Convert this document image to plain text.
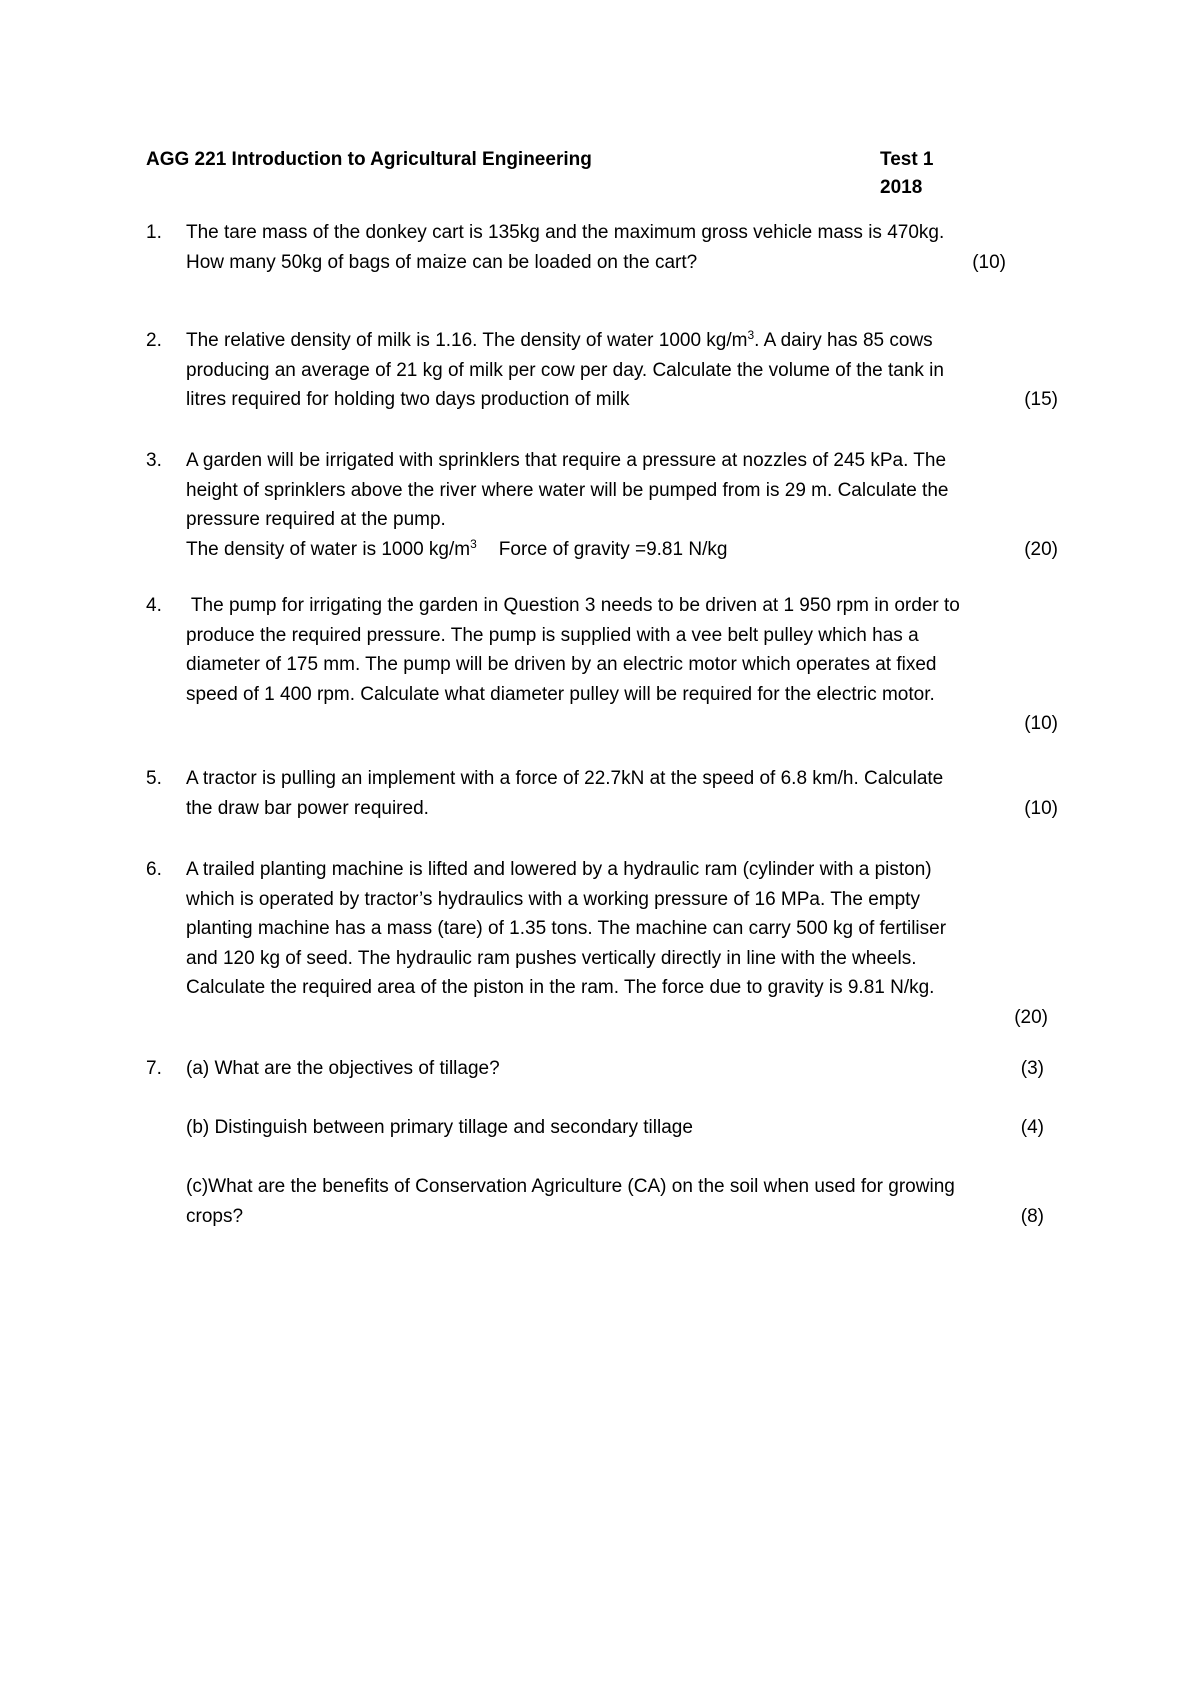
AGG 221 Introduction to Agricultural Engineering	Test 1 2018
1. The tare mass of the donkey cart is 135kg and the maximum gross vehicle mass is 470kg.
How many 50kg of bags of maize can be loaded on the cart?	(10)
2. The relative density of milk is 1.16. The density of water 1000 $kg/m^3$. A dairy has 85 cows
producing an average of 21 kg of milk per cow per day. Calculate the volume of the tank in
litres required for holding two days production of milk	(15)
3. A garden will be irrigated with sprinklers that require a pressure at nozzles of 245 kPa. The
height of sprinklers above the river where water will be pumped from is 29 m. Calculate the
pressure required at the pump.
The density of water is 1000 $kg/m^3$ Force of gravity =9.81 N/kg	(20)
4. The pump for irrigating the garden in Question 3 needs to be driven at 1 950 rpm in order to
produce the required pressure. The pump is supplied with a vee belt pulley which has a
diameter of 175 mm. The pump will be driven by an electric motor which operates at fixed
speed of 1 400 rpm. Calculate what diameter pulley will be required for the electric motor.
(10)
5. A tractor is pulling an implement with a force of 22.7kN at the speed of 6.8 km/h. Calculate
the draw bar power required.	(10)
6. A trailed planting machine is lifted and lowered by a hydraulic ram (cylinder with a piston)
which is operated by tractor’s hydraulics with a working pressure of 16 MPa. The empty
planting machine has a mass (tare) of 1.35 tons. The machine can carry 500 kg of fertiliser
and 120 kg of seed. The hydraulic ram pushes vertically directly in line with the wheels.
Calculate the required area of the piston in the ram. The force due to gravity is 9.81 N/kg.
(20)
7. (a) What are the objectives of tillage?	(3)
(b) Distinguish between primary tillage and secondary tillage	(4)
(c)What are the benefits of Conservation Agriculture (CA) on the soil when used for growing
crops?	(8)
